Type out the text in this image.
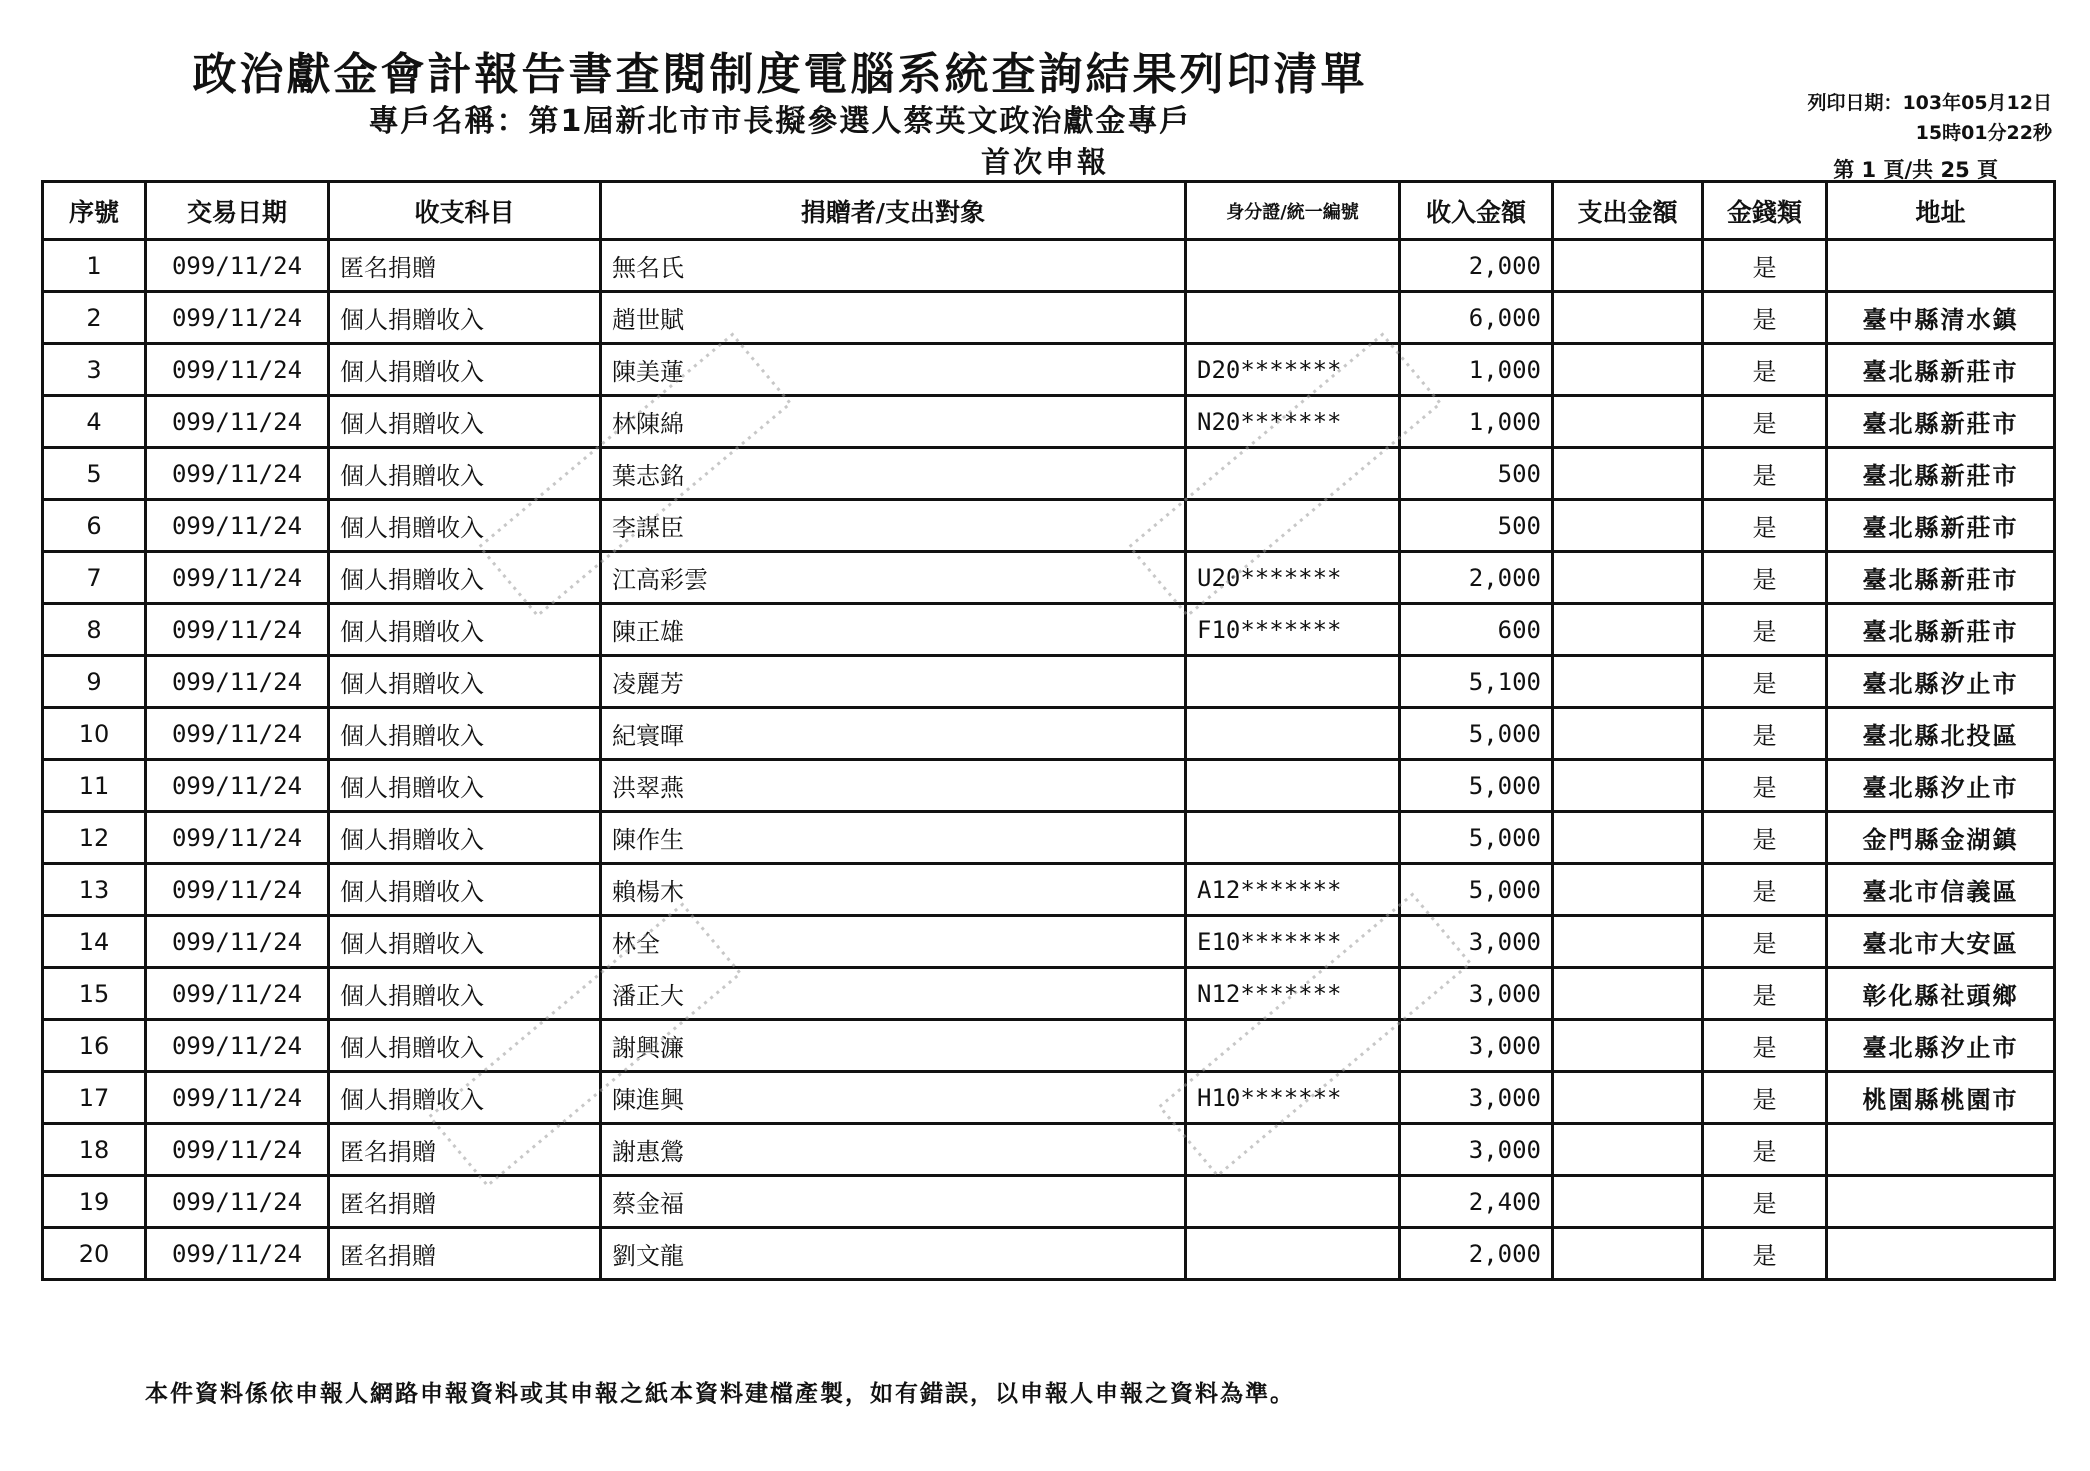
政治獻金會計報告書查閱制度電腦系統查詢結果列印清單
專戶名稱：第1屆新北市市長擬參選人蔡英文政治獻金專戶
首次申報
列印日期：103年05月12日
15時01分22秒
第 1 頁/共 25 頁
序號	交易日期	收支科目	捐贈者/支出對象	身分證/統一編號	收入金額	支出金額	金錢類	地址
1	099/11/24	匿名捐贈	無名氏		2,000		是	
2	099/11/24	個人捐贈收入	趙世賦		6,000		是	臺中縣清水鎮
3	099/11/24	個人捐贈收入	陳美蓮	D20*******	1,000		是	臺北縣新莊市
4	099/11/24	個人捐贈收入	林陳綿	N20*******	1,000		是	臺北縣新莊市
5	099/11/24	個人捐贈收入	葉志銘		500		是	臺北縣新莊市
6	099/11/24	個人捐贈收入	李謀臣		500		是	臺北縣新莊市
7	099/11/24	個人捐贈收入	江高彩雲	U20*******	2,000		是	臺北縣新莊市
8	099/11/24	個人捐贈收入	陳正雄	F10*******	600		是	臺北縣新莊市
9	099/11/24	個人捐贈收入	凌麗芳		5,100		是	臺北縣汐止市
10	099/11/24	個人捐贈收入	紀寰暉		5,000		是	臺北縣北投區
11	099/11/24	個人捐贈收入	洪翠燕		5,000		是	臺北縣汐止市
12	099/11/24	個人捐贈收入	陳作生		5,000		是	金門縣金湖鎮
13	099/11/24	個人捐贈收入	賴楊木	A12*******	5,000		是	臺北市信義區
14	099/11/24	個人捐贈收入	林全	E10*******	3,000		是	臺北市大安區
15	099/11/24	個人捐贈收入	潘正大	N12*******	3,000		是	彰化縣社頭鄉
16	099/11/24	個人捐贈收入	謝興濂		3,000		是	臺北縣汐止市
17	099/11/24	個人捐贈收入	陳進興	H10*******	3,000		是	桃園縣桃園市
18	099/11/24	匿名捐贈	謝惠鶯		3,000		是	
19	099/11/24	匿名捐贈	蔡金福		2,400		是	
20	099/11/24	匿名捐贈	劉文龍		2,000		是	
本件資料係依申報人網路申報資料或其申報之紙本資料建檔產製，如有錯誤，以申報人申報之資料為準。
